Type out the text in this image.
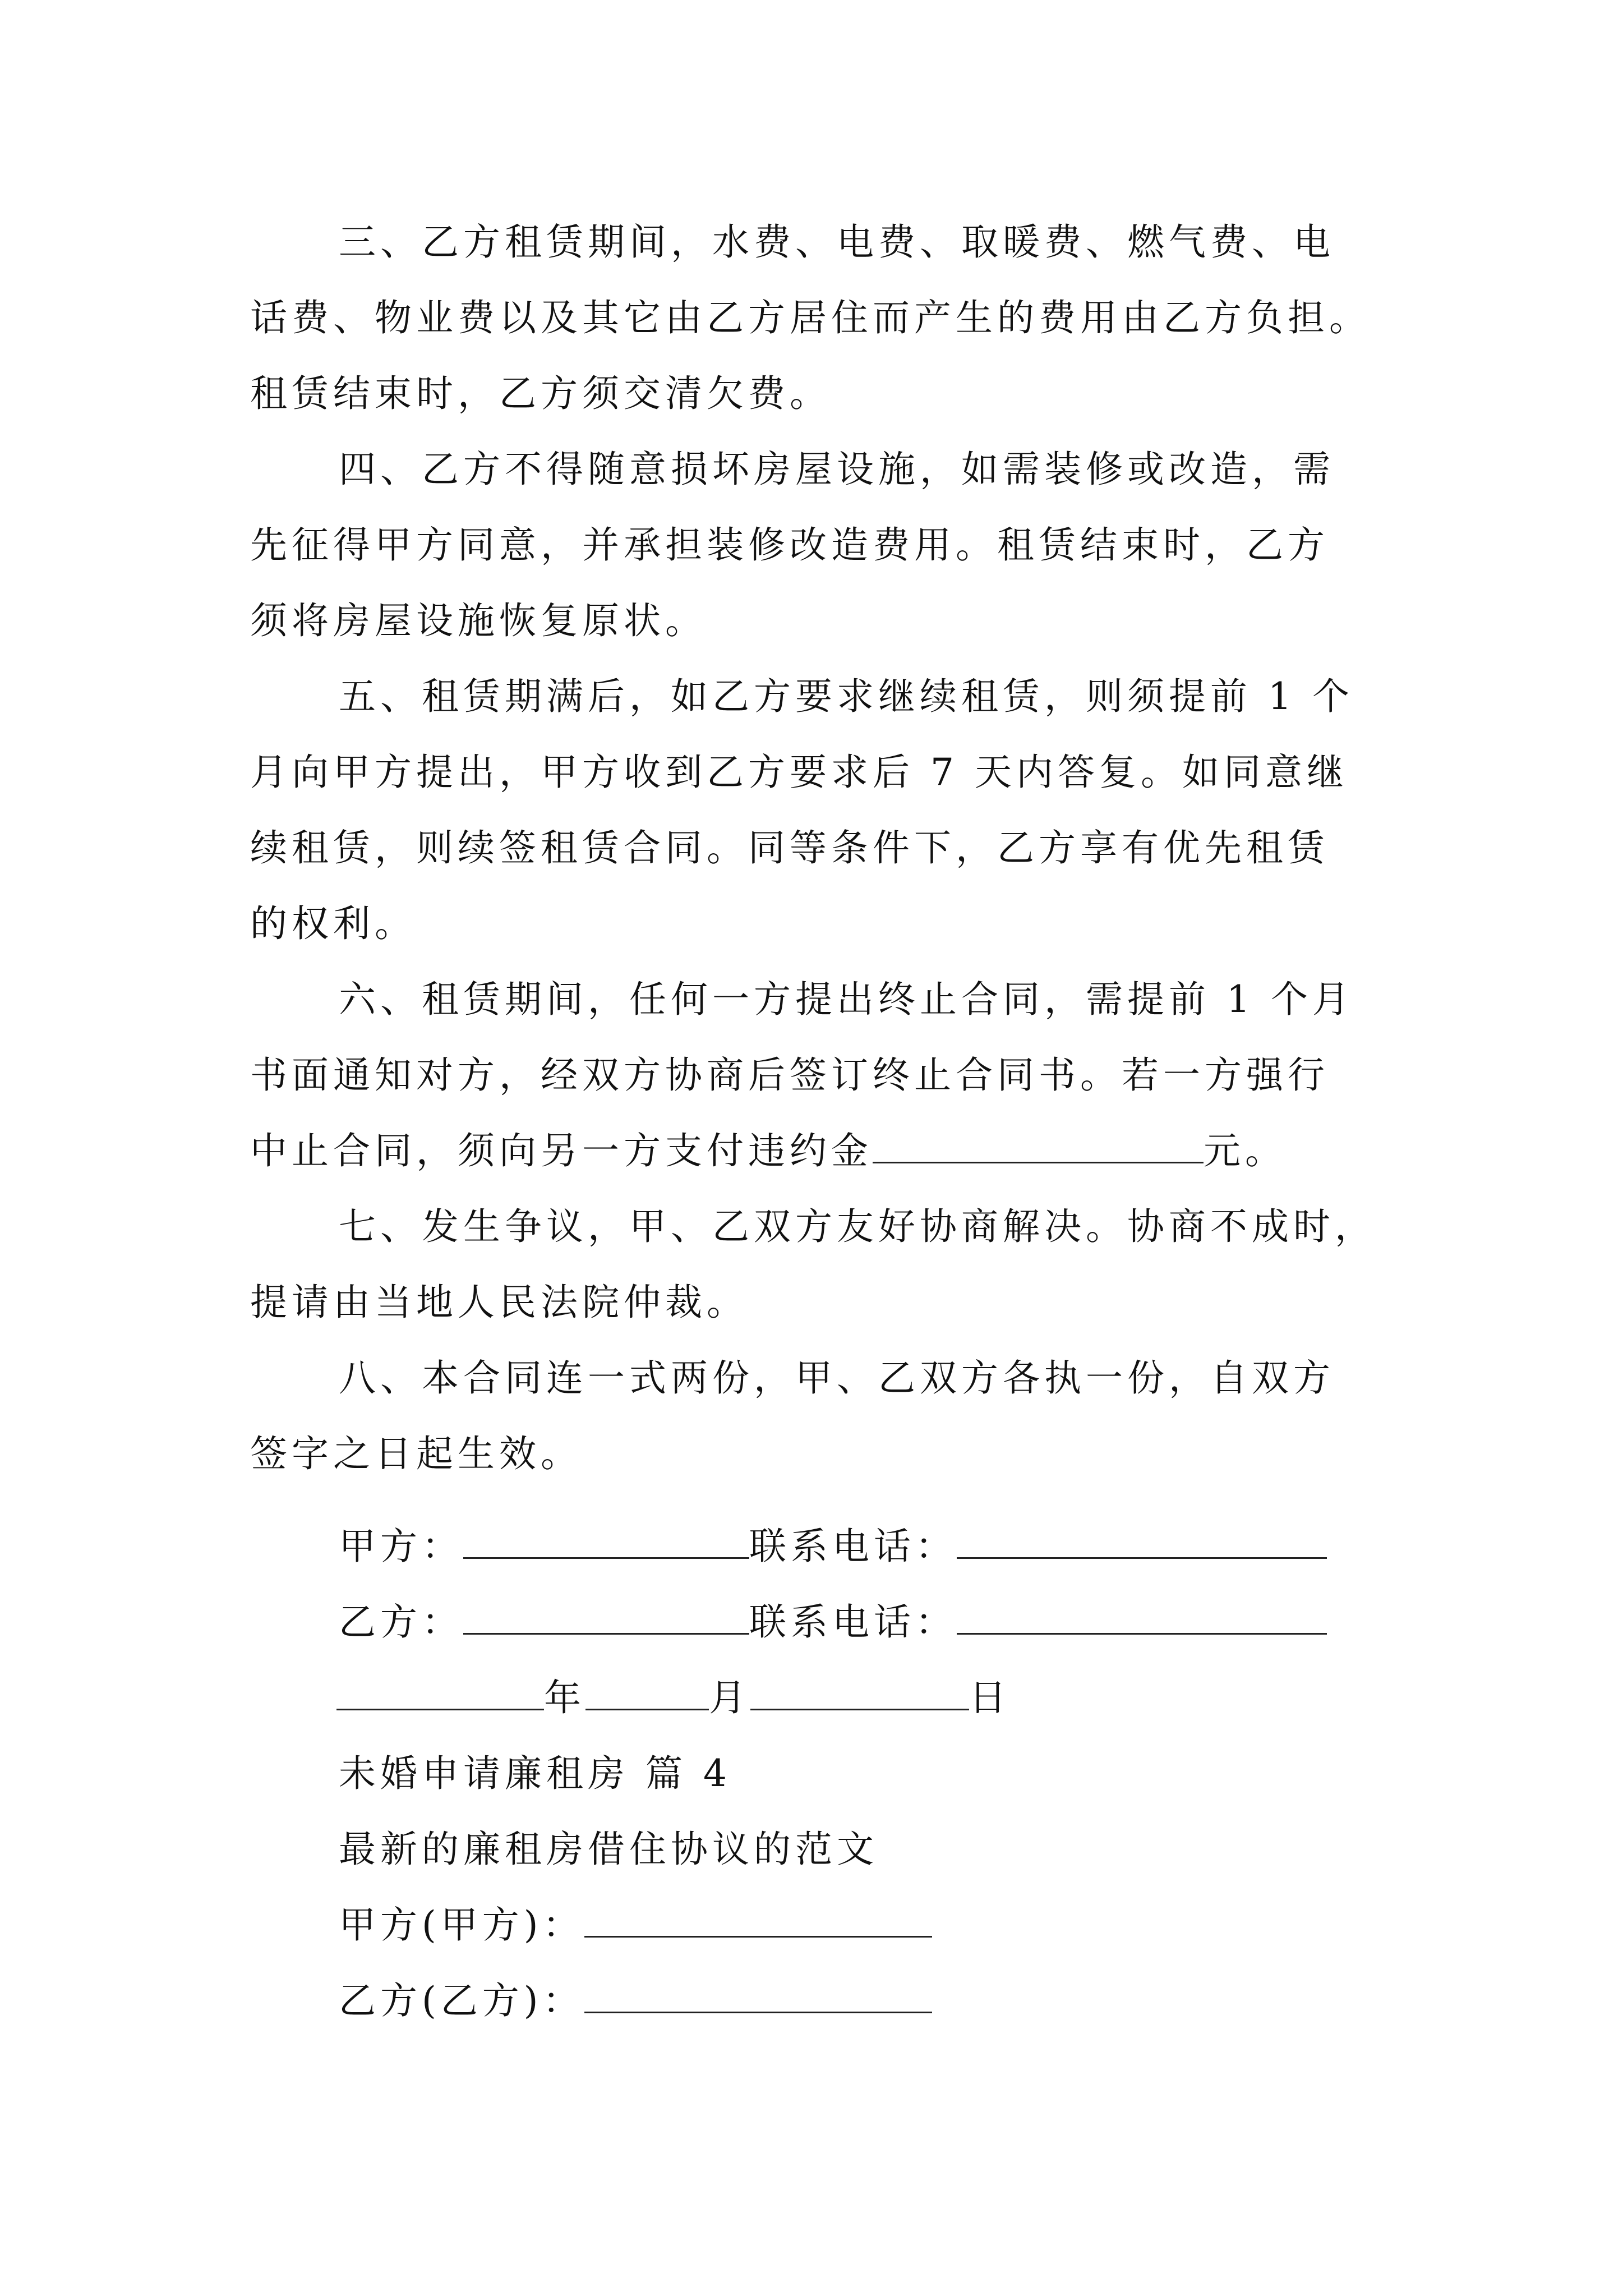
三、乙方租赁期间，水费、电费、取暖费、燃气费、电
话费、物业费以及其它由乙方居住而产生的费用由乙方负担。
租赁结束时，乙方须交清欠费。
四、乙方不得随意损坏房屋设施，如需装修或改造，需
先征得甲方同意，并承担装修改造费用。租赁结束时，乙方
须将房屋设施恢复原状。
五、租赁期满后，如乙方要求继续租赁，则须提前 1 个
月向甲方提出，甲方收到乙方要求后 7 天内答复。如同意继
续租赁，则续签租赁合同。同等条件下，乙方享有优先租赁
的权利。
六、租赁期间，任何一方提出终止合同，需提前 1 个月
书面通知对方，经双方协商后签订终止合同书。若一方强行
中止合同，须向另一方支付违约金	元。
七、发生争议，甲、乙双方友好协商解决。协商不成时，
提请由当地人民法院仲裁。
八、本合同连一式两份，甲、乙双方各执一份，自双方
签字之日起生效。
甲方：	联系电话：
乙方：	联系电话：
年	月	日
未婚申请廉租房 篇 4
最新的廉租房借住协议的范文
甲方(甲方)：
乙方(乙方)：
